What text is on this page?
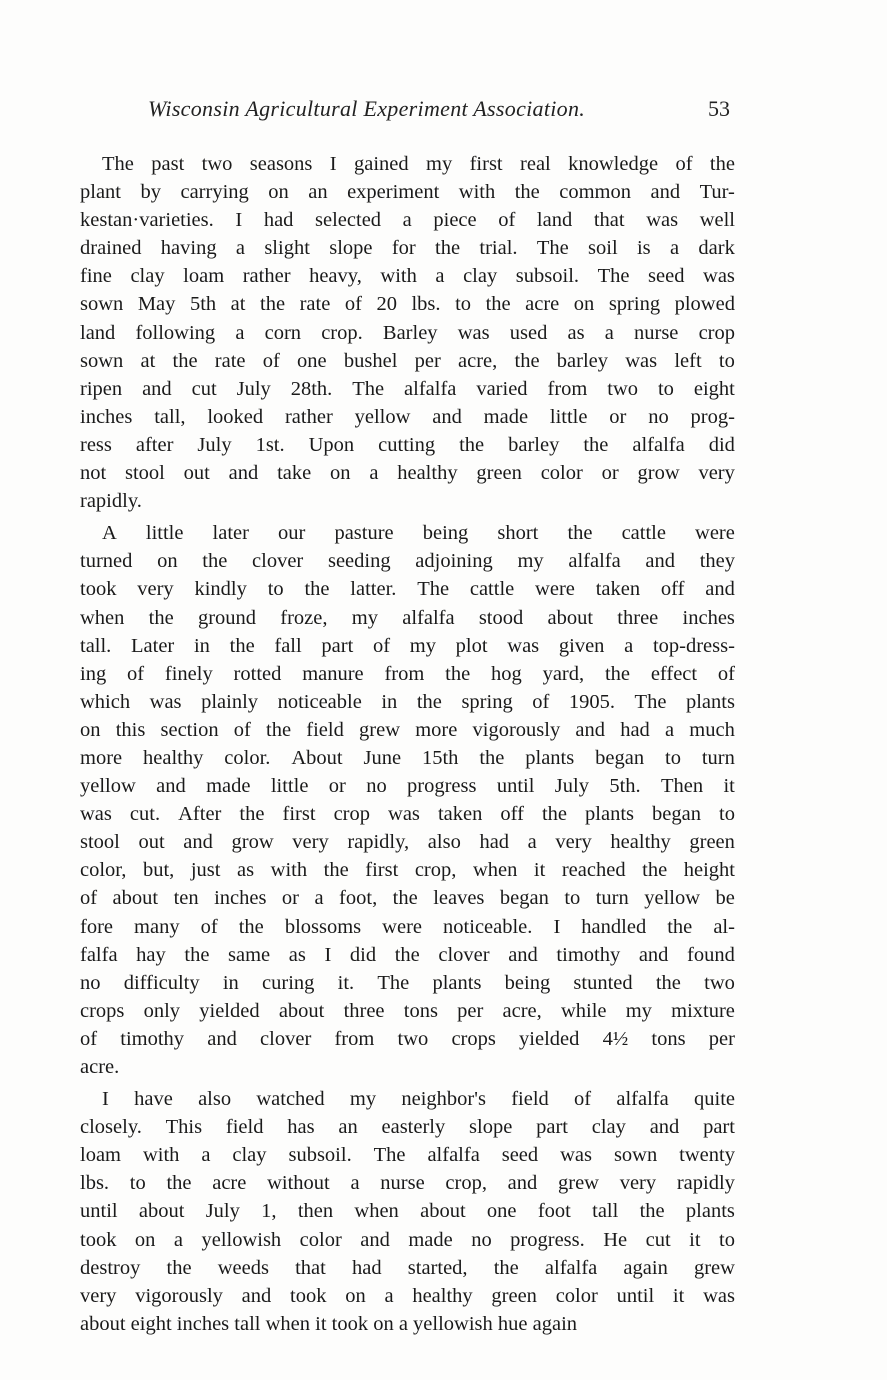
Wisconsin Agricultural Experiment Association.	53
The past two seasons I gained my first real knowledge of the
plant by carrying on an experiment with the common and Tur-
kestan·varieties. I had selected a piece of land that was well
drained having a slight slope for the trial. The soil is a dark
fine clay loam rather heavy, with a clay subsoil. The seed was
sown May 5th at the rate of 20 lbs. to the acre on spring plowed
land following a corn crop. Barley was used as a nurse crop
sown at the rate of one bushel per acre, the barley was left to
ripen and cut July 28th. The alfalfa varied from two to eight
inches tall, looked rather yellow and made little or no prog-
ress after July 1st. Upon cutting the barley the alfalfa did
not stool out and take on a healthy green color or grow very
rapidly.
A little later our pasture being short the cattle were
turned on the clover seeding adjoining my alfalfa and they
took very kindly to the latter. The cattle were taken off and
when the ground froze, my alfalfa stood about three inches
tall. Later in the fall part of my plot was given a top-dress-
ing of finely rotted manure from the hog yard, the effect of
which was plainly noticeable in the spring of 1905. The plants
on this section of the field grew more vigorously and had a much
more healthy color. About June 15th the plants began to turn
yellow and made little or no progress until July 5th. Then it
was cut. After the first crop was taken off the plants began to
stool out and grow very rapidly, also had a very healthy green
color, but, just as with the first crop, when it reached the height
of about ten inches or a foot, the leaves began to turn yellow be
fore many of the blossoms were noticeable. I handled the al-
falfa hay the same as I did the clover and timothy and found
no difficulty in curing it. The plants being stunted the two
crops only yielded about three tons per acre, while my mixture
of timothy and clover from two crops yielded 4½ tons per
acre.
I have also watched my neighbor's field of alfalfa quite
closely. This field has an easterly slope part clay and part
loam with a clay subsoil. The alfalfa seed was sown twenty
lbs. to the acre without a nurse crop, and grew very rapidly
until about July 1, then when about one foot tall the plants
took on a yellowish color and made no progress. He cut it to
destroy the weeds that had started, the alfalfa again grew
very vigorously and took on a healthy green color until it was
about eight inches tall when it took on a yellowish hue again
